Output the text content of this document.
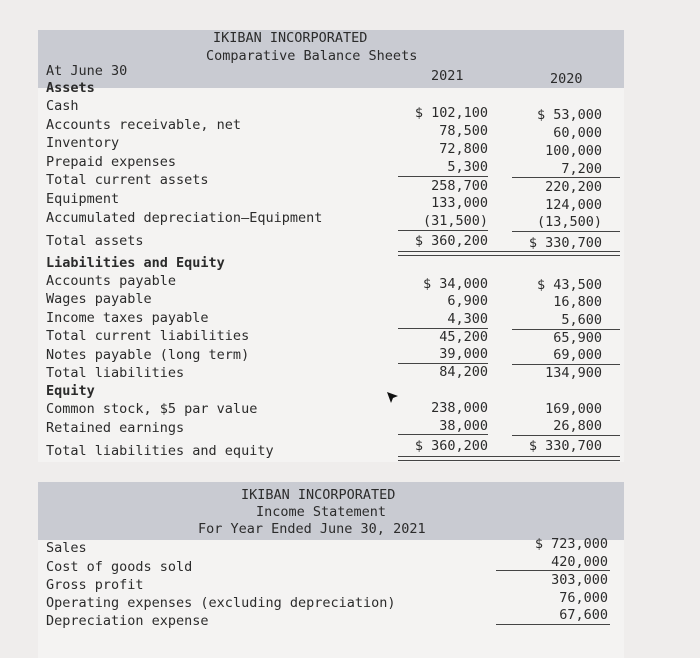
IKIBAN INCORPORATED
Comparative Balance Sheets
At June 30	2021	2020
Assets
Cash	$ 102,100	$ 53,000
Accounts receivable, net	78,500	60,000
Inventory	72,800	100,000
Prepaid expenses	5,300	7,200
Total current assets	258,700	220,200
Equipment	133,000	124,000
Accumulated depreciation—Equipment	(31,500)	(13,500)
Total assets	$ 360,200	$ 330,700
Liabilities and Equity
Accounts payable	$ 34,000	$ 43,500
Wages payable	6,900	16,800
Income taxes payable	4,300	5,600
Total current liabilities	45,200	65,900
Notes payable (long term)	39,000	69,000
Total liabilities	84,200	134,900
Equity
Common stock, $5 par value	238,000	169,000
Retained earnings	38,000	26,800
Total liabilities and equity	$ 360,200	$ 330,700
IKIBAN INCORPORATED
Income Statement
For Year Ended June 30, 2021
Sales	$ 723,000
Cost of goods sold	420,000
Gross profit	303,000
Operating expenses (excluding depreciation)	76,000
Depreciation expense	67,600
